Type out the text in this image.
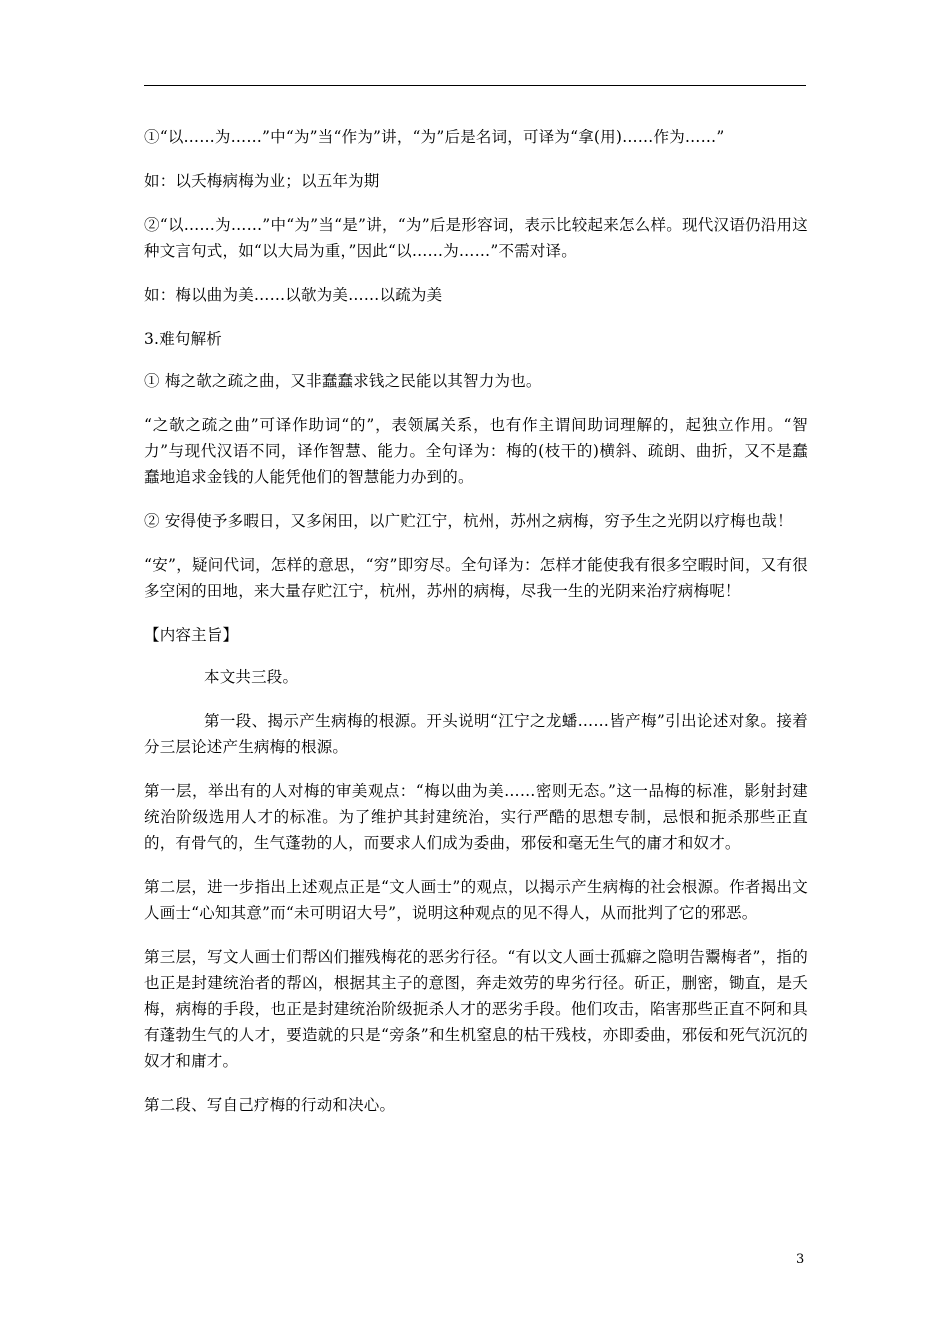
①“以……为……”中“为”当“作为”讲，“为”后是名词，可译为“拿(用)……作为……”

如：以夭梅病梅为业；以五年为期

②“以……为……”中“为”当“是”讲，“为”后是形容词，表示比较起来怎么样。现代汉语仍沿用这种文言句式，如“以大局为重，”因此“以……为……”不需对译。

如：梅以曲为美……以欹为美……以疏为美

3.难句解析

① 梅之欹之疏之曲，又非蠢蠢求钱之民能以其智力为也。

“之欹之疏之曲”可译作助词“的”，表领属关系，也有作主谓间助词理解的，起独立作用。“智力”与现代汉语不同，译作智慧、能力。全句译为：梅的(枝干的)横斜、疏朗、曲折，又不是蠢蠢地追求金钱的人能凭他们的智慧能力办到的。

② 安得使予多暇日，又多闲田，以广贮江宁，杭州，苏州之病梅，穷予生之光阴以疗梅也哉！

“安”，疑问代词，怎样的意思，“穷”即穷尽。全句译为：怎样才能使我有很多空暇时间，又有很多空闲的田地，来大量存贮江宁，杭州，苏州的病梅，尽我一生的光阴来治疗病梅呢！

【内容主旨】

本文共三段。

第一段、揭示产生病梅的根源。开头说明“江宁之龙蟠……皆产梅”引出论述对象。接着分三层论述产生病梅的根源。

第一层，举出有的人对梅的审美观点：“梅以曲为美……密则无态。”这一品梅的标准，影射封建统治阶级选用人才的标准。为了维护其封建统治，实行严酷的思想专制，忌恨和扼杀那些正直的，有骨气的，生气蓬勃的人，而要求人们成为委曲，邪佞和毫无生气的庸才和奴才。

第二层，进一步指出上述观点正是“文人画士”的观点，以揭示产生病梅的社会根源。作者揭出文人画士“心知其意”而“未可明诏大号”，说明这种观点的见不得人，从而批判了它的邪恶。

第三层，写文人画士们帮凶们摧残梅花的恶劣行径。“有以文人画士孤癖之隐明告鬻梅者”，指的也正是封建统治者的帮凶，根据其主子的意图，奔走效劳的卑劣行径。斫正，删密，锄直，是夭梅，病梅的手段，也正是封建统治阶级扼杀人才的恶劣手段。他们攻击，陷害那些正直不阿和具有蓬勃生气的人才，要造就的只是“旁条”和生机窒息的枯干残枝，亦即委曲，邪佞和死气沉沉的奴才和庸才。

第二段、写自己疗梅的行动和决心。

3
